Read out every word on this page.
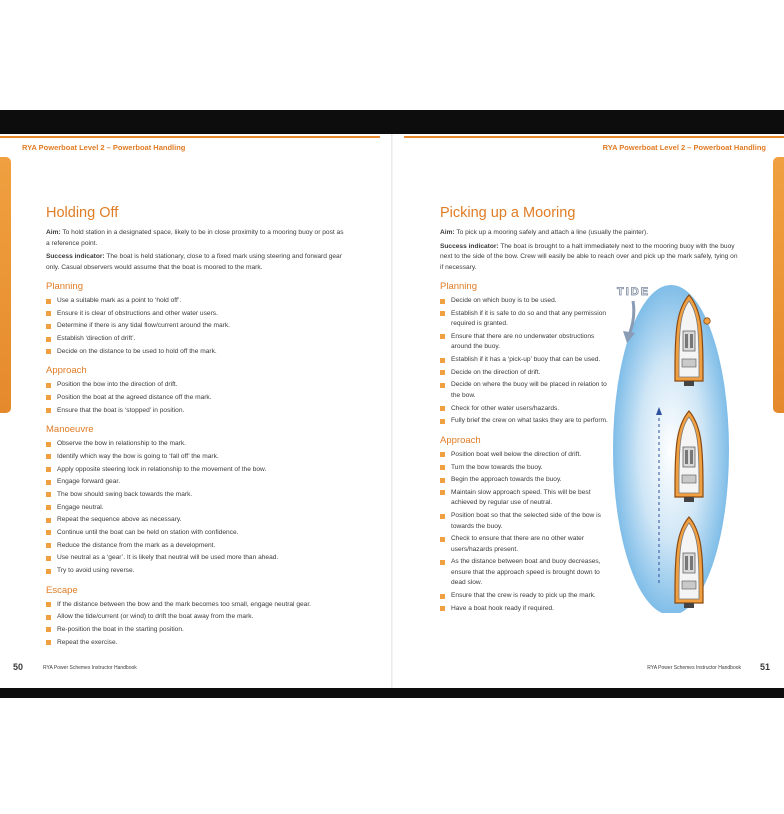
RYA Powerboat Level 2 – Powerboat Handling
Holding Off

Aim: To hold station in a designated space, likely to be in close proximity to a mooring buoy or post as a reference point.

Success indicator: The boat is held stationary, close to a fixed mark using steering and forward gear only. Casual observers would assume that the boat is moored to the mark.

Planning
Use a suitable mark as a point to ‘hold off’.
Ensure it is clear of obstructions and other water users.
Determine if there is any tidal flow/current around the mark.
Establish ‘direction of drift’.
Decide on the distance to be used to hold off the mark.
Approach
Position the bow into the direction of drift.
Position the boat at the agreed distance off the mark.
Ensure that the boat is ‘stopped’ in position.
Manoeuvre
Observe the bow in relationship to the mark.
Identify which way the bow is going to ‘fall off’ the mark.
Apply opposite steering lock in relationship to the movement of the bow.
Engage forward gear.
The bow should swing back towards the mark.
Engage neutral.
Repeat the sequence above as necessary.
Continue until the boat can be held on station with confidence.
Reduce the distance from the mark as a development.
Use neutral as a ‘gear’. It is likely that neutral will be used more than ahead.
Try to avoid using reverse.
Escape
If the distance between the bow and the mark becomes too small, engage neutral gear.
Allow the tide/current (or wind) to drift the boat away from the mark.
Re-position the boat in the starting position.
Repeat the exercise.
50	RYA Power Schemes Instructor Handbook
RYA Powerboat Level 2 – Powerboat Handling
Picking up a Mooring

Aim: To pick up a mooring safely and attach a line (usually the painter).

Success indicator: The boat is brought to a halt immediately next to the mooring buoy with the buoy next to the side of the bow. Crew will easily be able to reach over and pick up the mark safely, tying on if necessary.

Planning
Decide on which buoy is to be used.
Establish if it is safe to do so and that any permission required is granted.
Ensure that there are no underwater obstructions around the buoy.
Establish if it has a ‘pick-up’ buoy that can be used.
Decide on the direction of drift.
Decide on where the buoy will be placed in relation to the bow.
Check for other water users/hazards.
Fully brief the crew on what tasks they are to perform.
Approach
Position boat well below the direction of drift.
Turn the bow towards the buoy.
Begin the approach towards the buoy.
Maintain slow approach speed. This will be best achieved by regular use of neutral.
Position boat so that the selected side of the bow is towards the buoy.
Check to ensure that there are no other water users/hazards present.
As the distance between boat and buoy decreases, ensure that the approach speed is brought down to dead slow.
Ensure that the crew is ready to pick up the mark.
Have a boat hook ready if required.
TIDE
51
RYA Power Schemes Instructor Handbook
